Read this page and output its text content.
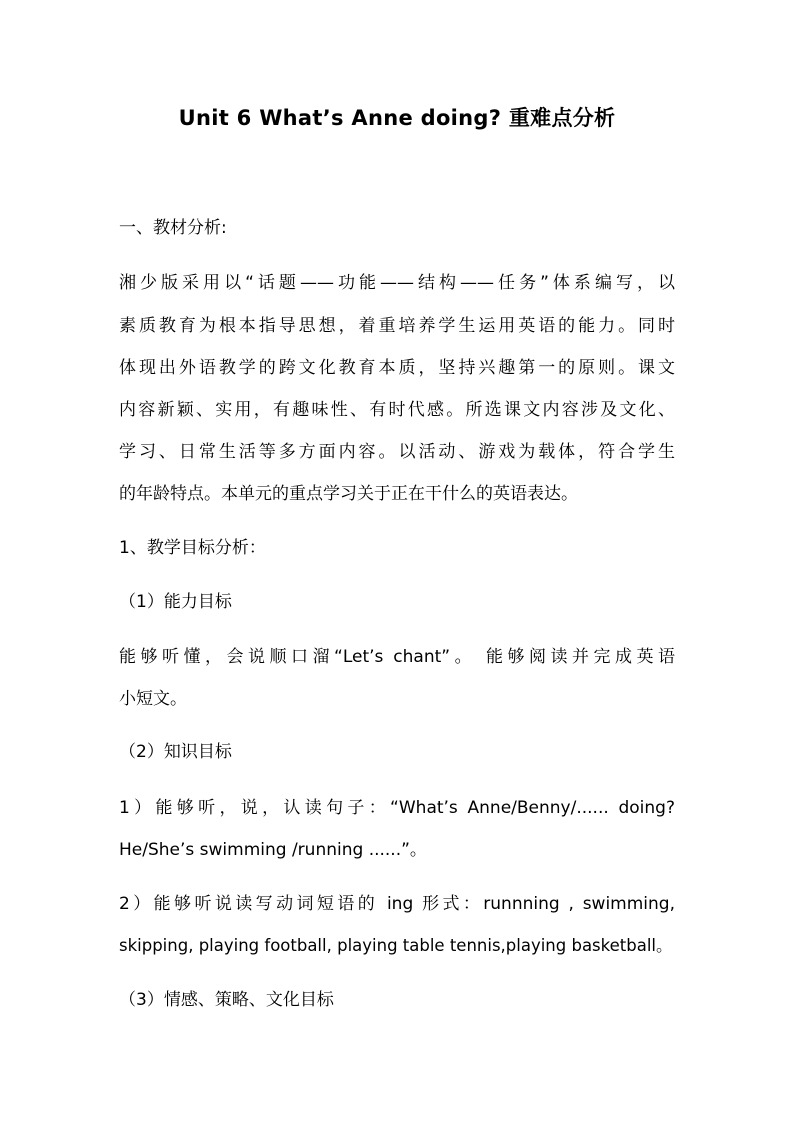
Unit 6 What’s Anne doing? 重难点分析
一、教材分析:
湘少版采用以“话题——功能——结构——任务”体系编写，以
素质教育为根本指导思想，着重培养学生运用英语的能力。同时
体现出外语教学的跨文化教育本质，坚持兴趣第一的原则。课文
内容新颖、实用，有趣味性、有时代感。所选课文内容涉及文化、
学习、日常生活等多方面内容。以活动、游戏为载体，符合学生
的年龄特点。本单元的重点学习关于正在干什么的英语表达。
1、教学目标分析：
（1）能力目标
能够听懂，会说顺口溜“Let’s chant”。 能够阅读并完成英语
小短文。
（2）知识目标
1）能够听，说，认读句子：“What’s Anne/Benny/...... doing?
He/She’s swimming /running ......”。
2）能够听说读写动词短语的 ing 形式：runnning , swimming,
skipping, playing football, playing table tennis,playing basketball。
（3）情感、策略、文化目标
